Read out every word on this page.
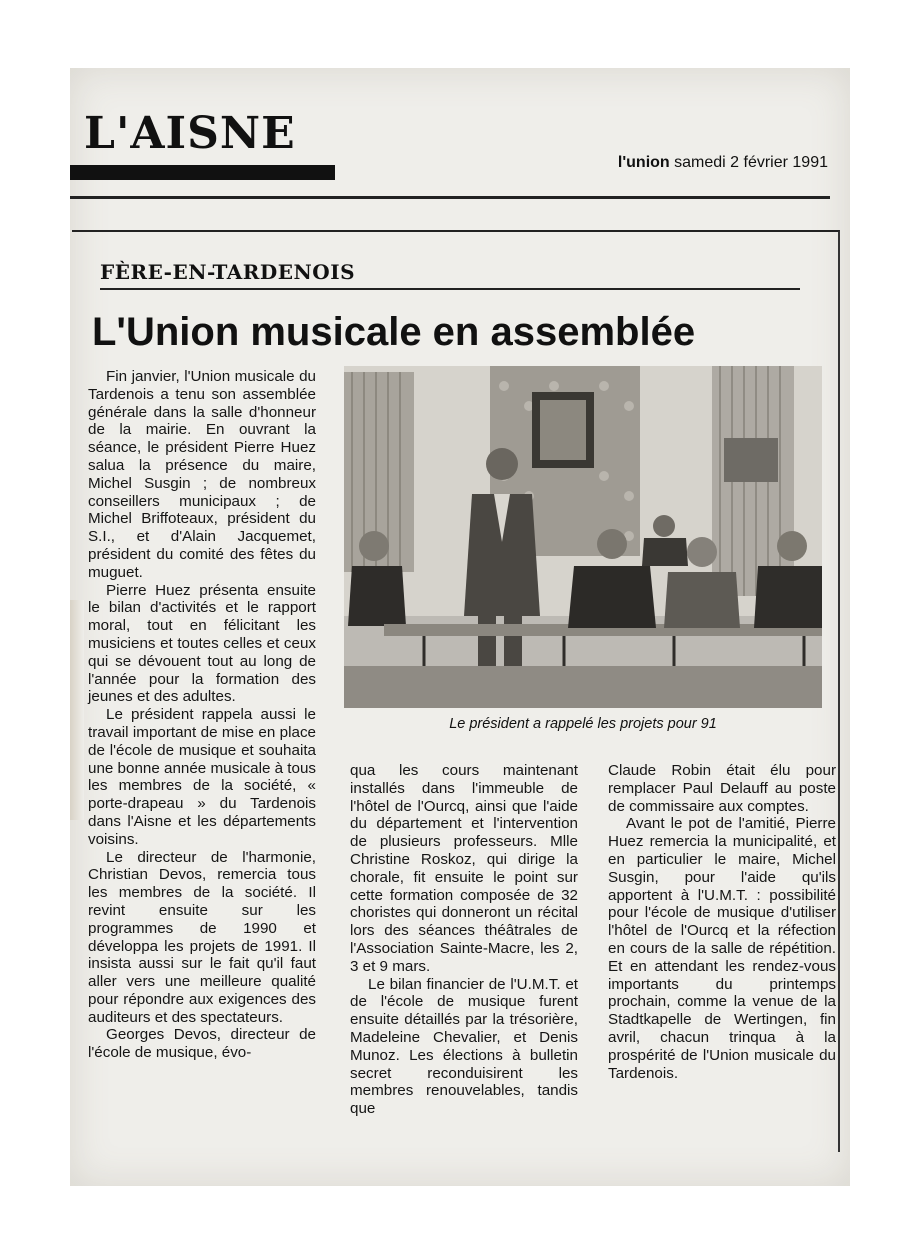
L'AISNE
l'union samedi 2 février 1991
FÈRE-EN-TARDENOIS
L'Union musicale en assemblée

Fin janvier, l'Union musicale du Tardenois a tenu son assemblée générale dans la salle d'honneur de la mairie. En ouvrant la séance, le président Pierre Huez salua la présence du maire, Michel Susgin ; de nombreux conseillers municipaux ; de Michel Briffoteaux, président du S.I., et d'Alain Jacquemet, président du comité des fêtes du muguet.

Pierre Huez présenta ensuite le bilan d'activités et le rapport moral, tout en félicitant les musiciens et toutes celles et ceux qui se dévouent tout au long de l'année pour la formation des jeunes et des adultes.

Le président rappela aussi le travail important de mise en place de l'école de musique et souhaita une bonne année musicale à tous les membres de la société, « porte-drapeau » du Tardenois dans l'Aisne et les départements voisins.

Le directeur de l'harmonie, Christian Devos, remercia tous les membres de la société. Il revint ensuite sur les programmes de 1990 et développa les projets de 1991. Il insista aussi sur le fait qu'il faut aller vers une meilleure qualité pour répondre aux exigences des auditeurs et des spectateurs.

Georges Devos, directeur de l'école de musique, évo-

Le président a rappelé les projets pour 91

qua les cours maintenant installés dans l'immeuble de l'hôtel de l'Ourcq, ainsi que l'aide du département et l'intervention de plusieurs professeurs. Mlle Christine Roskoz, qui dirige la chorale, fit ensuite le point sur cette formation composée de 32 choristes qui donneront un récital lors des séances théâtrales de l'Association Sainte-Macre, les 2, 3 et 9 mars.

Le bilan financier de l'U.M.T. et de l'école de musique furent ensuite détaillés par la trésorière, Madeleine Chevalier, et Denis Munoz. Les élections à bulletin secret reconduisirent les membres renouvelables, tandis que

Claude Robin était élu pour remplacer Paul Delauff au poste de commissaire aux comptes.

Avant le pot de l'amitié, Pierre Huez remercia la municipalité, et en particulier le maire, Michel Susgin, pour l'aide qu'ils apportent à l'U.M.T. : possibilité pour l'école de musique d'utiliser l'hôtel de l'Ourcq et la réfection en cours de la salle de répétition. Et en attendant les rendez-vous importants du printemps prochain, comme la venue de la Stadtkapelle de Wertingen, fin avril, chacun trinqua à la prospérité de l'Union musicale du Tardenois.
